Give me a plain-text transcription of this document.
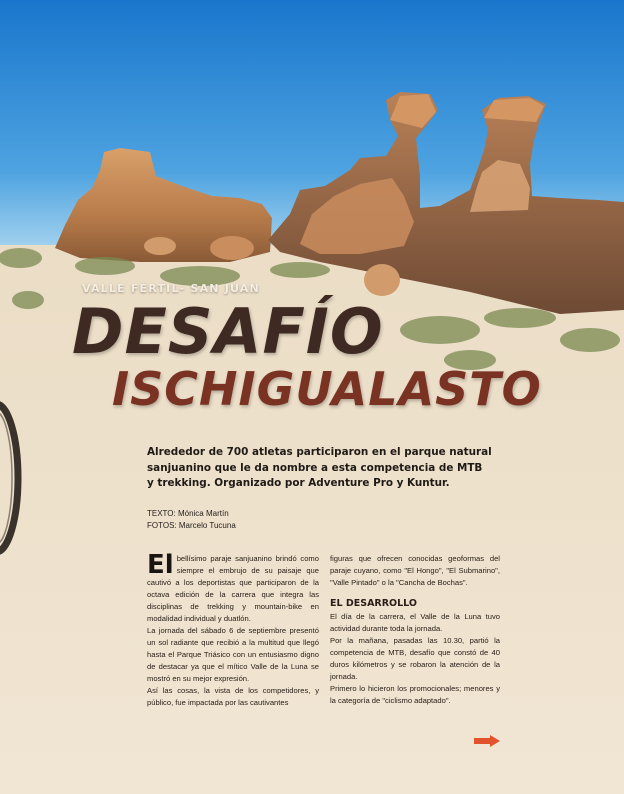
VALLE FÉRTIL- SAN JUAN
DESAFÍO
ISCHIGUALASTO

Alrededor de 700 atletas participaron en el parque natural sanjuanino que le da nombre a esta competencia de MTB y trekking. Organizado por Adventure Pro y Kuntur.

TEXTO: Mónica Martín
FOTOS: Marcelo Tucuna

El bellísimo paraje sanjuanino brindó como siempre el embrujo de su paisaje que cautivó a los deportistas que participaron de la octava edición de la carrera que integra las disciplinas de trekking y mountain-bike en modalidad individual y duatlón.

La jornada del sábado 6 de septiembre presentó un sol radiante que recibió a la multitud que llegó hasta el Parque Triásico con un entusiasmo digno de destacar ya que el mítico Valle de la Luna se mostró en su mejor expresión.

Así las cosas, la vista de los competidores, y público, fue impactada por las cautivantes

figuras que ofrecen conocidas geoformas del paraje cuyano, como "El Hongo", "El Submarino", "Valle Pintado" o la "Cancha de Bochas".
EL DESARROLLO

El día de la carrera, el Valle de la Luna tuvo actividad durante toda la jornada.

Por la mañana, pasadas las 10.30, partió la competencia de MTB, desafío que constó de 40 duros kilómetros y se robaron la atención de la jornada.

Primero lo hicieron los promocionales; menores y la categoría de "ciclismo adaptado".
